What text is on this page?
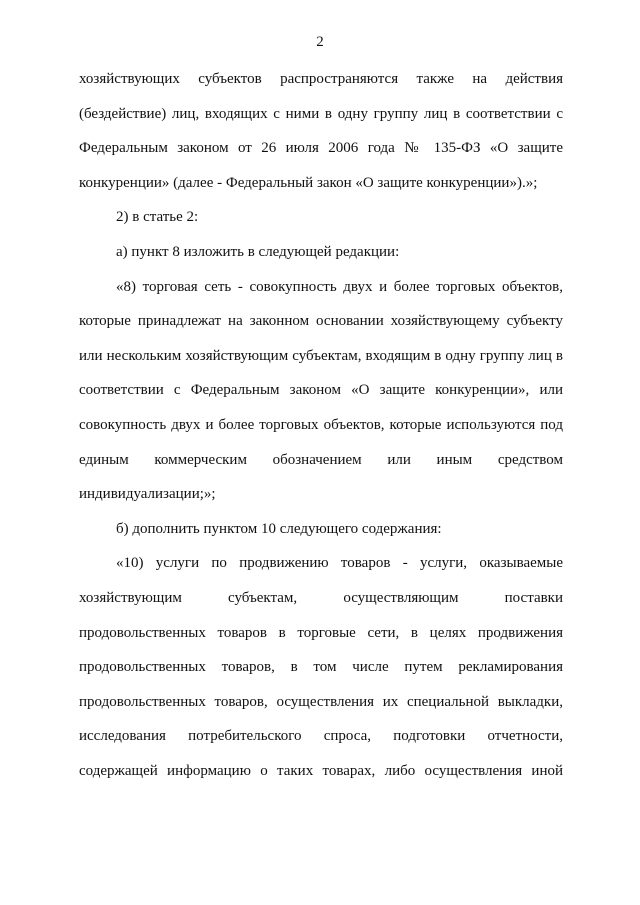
2
хозяйствующих субъектов распространяются также на действия
(бездействие) лиц, входящих с ними в одну группу лиц в соответствии с
Федеральным законом от 26 июля 2006 года № 135-ФЗ «О защите
конкуренции» (далее - Федеральный закон «О защите конкуренции»).»;
2) в статье 2:
а) пункт 8 изложить в следующей редакции:
«8) торговая сеть - совокупность двух и более торговых объектов,
которые принадлежат на законном основании хозяйствующему субъекту
или нескольким хозяйствующим субъектам, входящим в одну группу лиц в
соответствии с Федеральным законом «О защите конкуренции», или
совокупность двух и более торговых объектов, которые используются под
единым коммерческим обозначением или иным средством
индивидуализации;»;
б) дополнить пунктом 10 следующего содержания:
«10) услуги по продвижению товаров - услуги, оказываемые
хозяйствующим субъектам, осуществляющим поставки
продовольственных товаров в торговые сети, в целях продвижения
продовольственных товаров, в том числе путем рекламирования
продовольственных товаров, осуществления их специальной выкладки,
исследования потребительского спроса, подготовки отчетности,
содержащей информацию о таких товарах, либо осуществления иной
